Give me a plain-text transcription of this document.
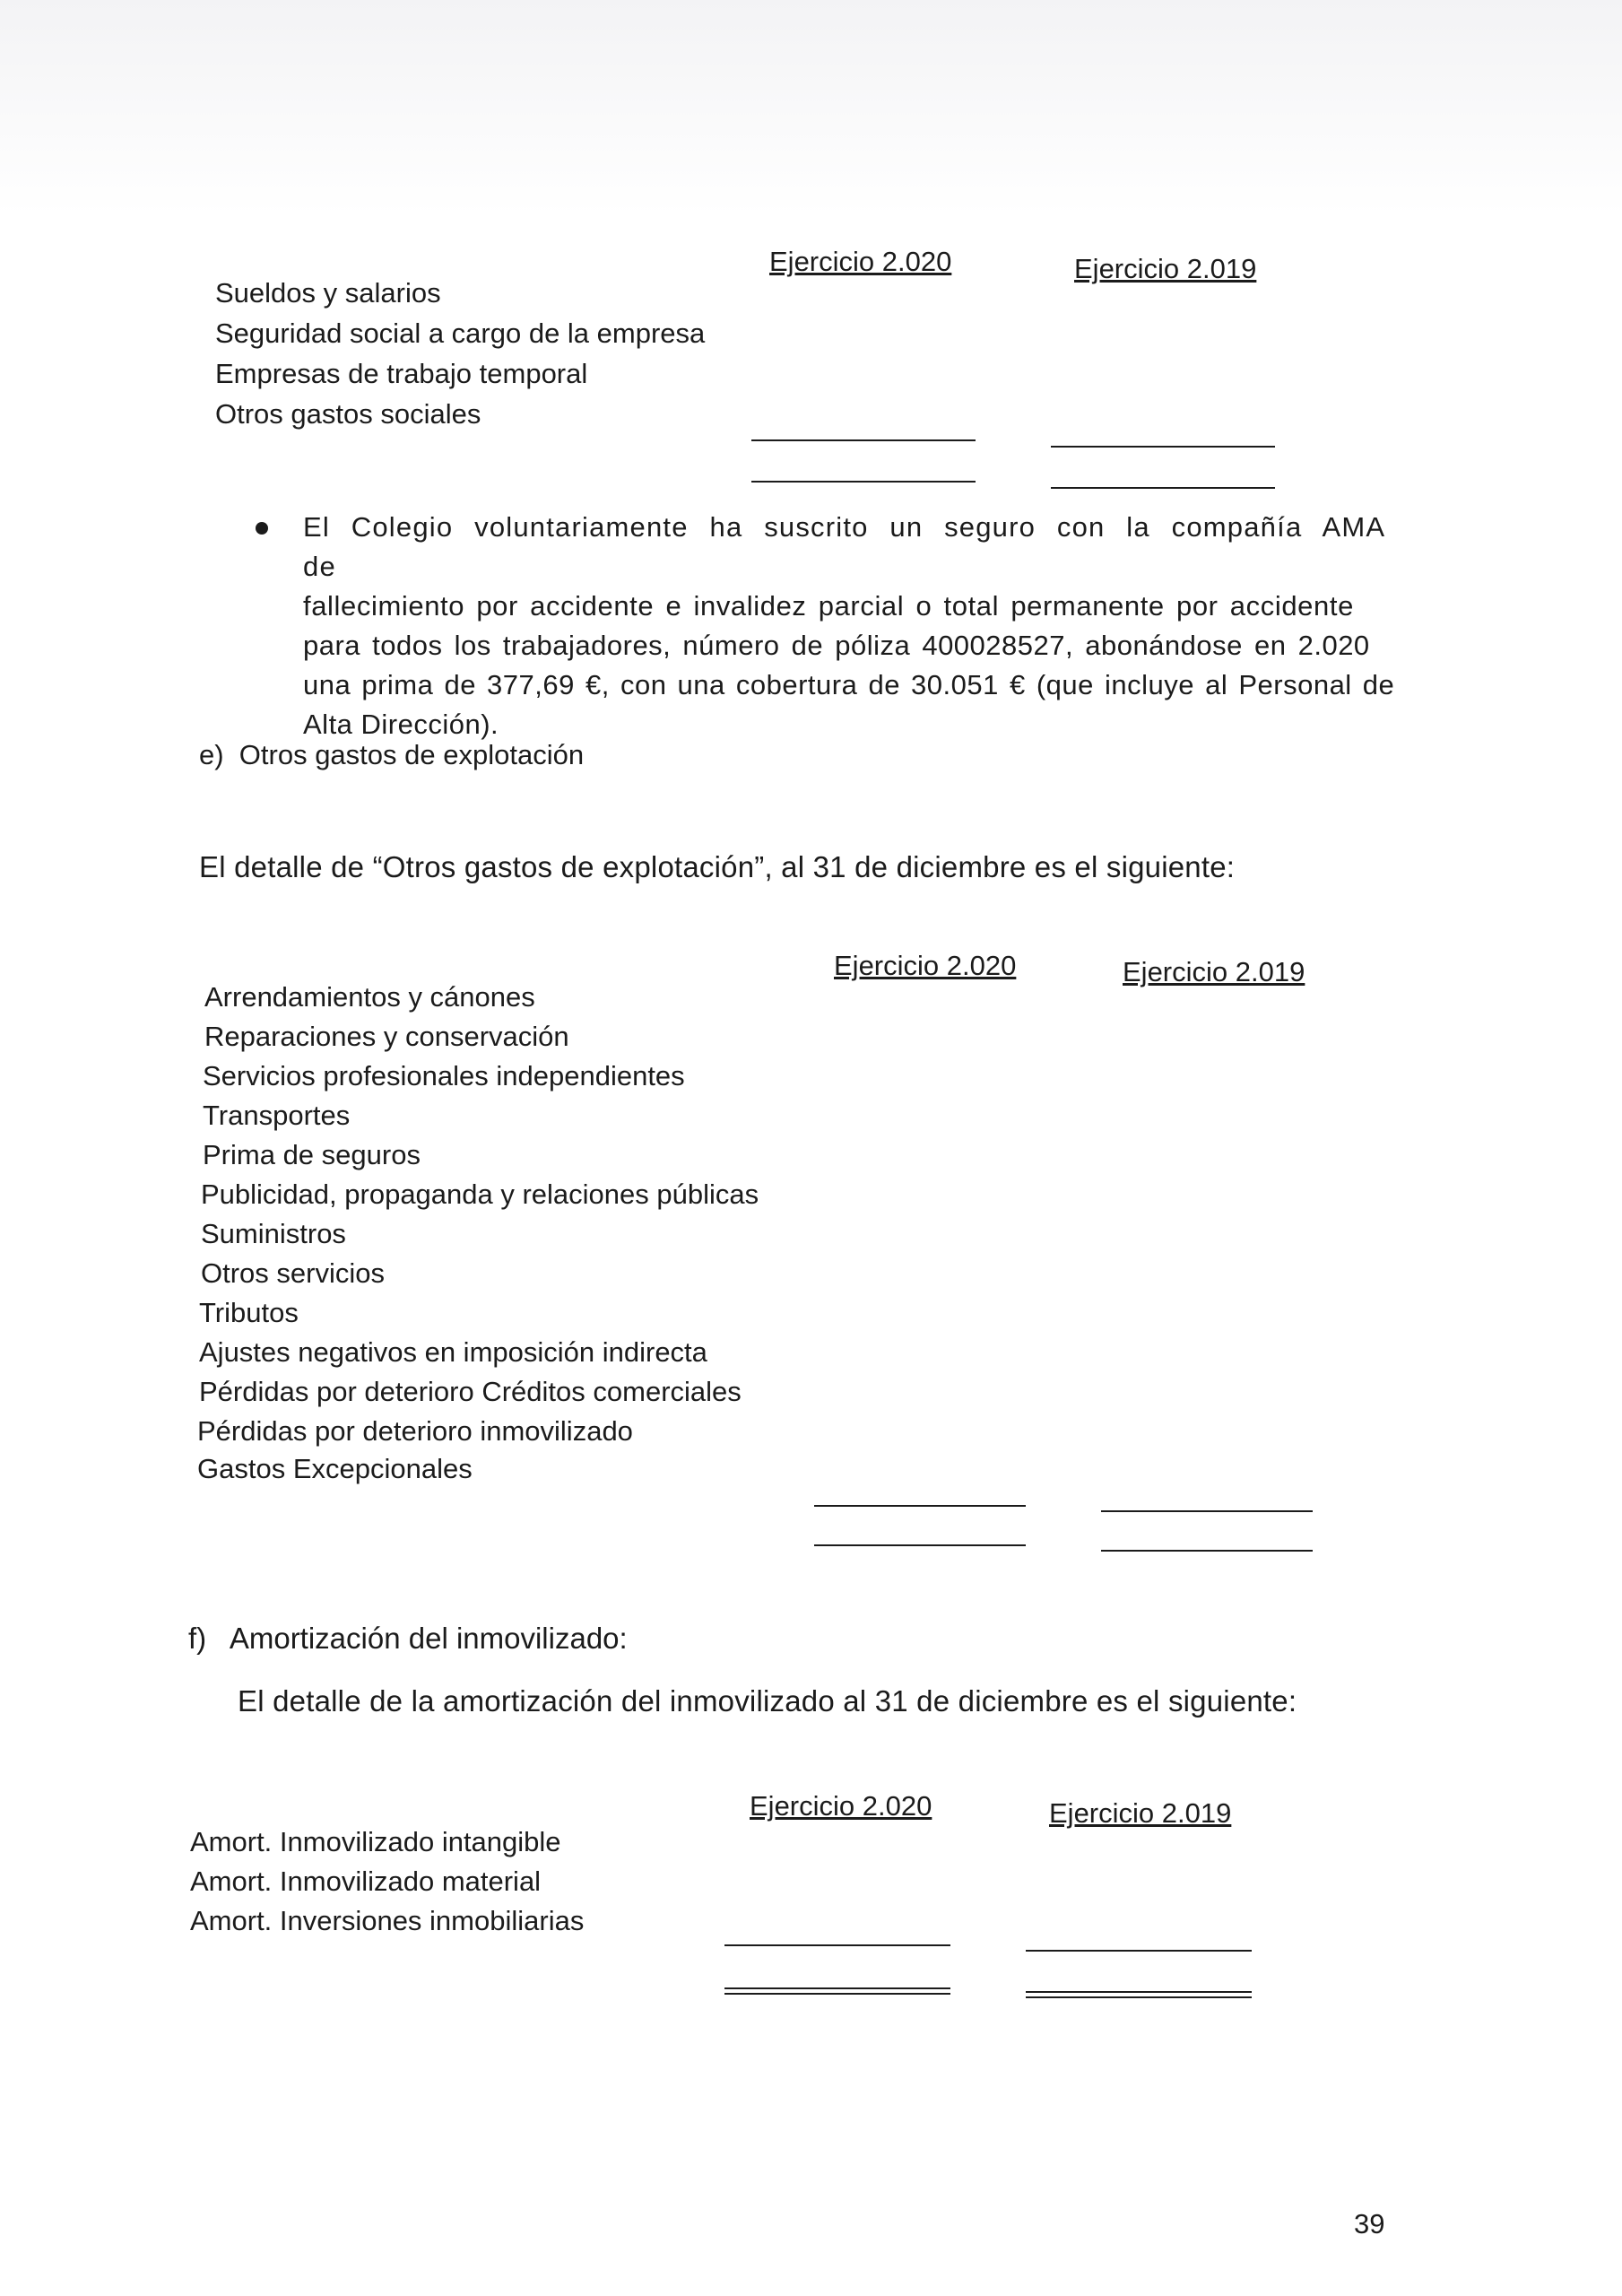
Ejercicio 2.020	Ejercicio 2.019
Sueldos y salarios
Seguridad social a cargo de la empresa
Empresas de trabajo temporal
Otros gastos sociales
El Colegio voluntariamente ha suscrito un seguro con la compañía AMA de
fallecimiento por accidente e invalidez parcial o total permanente por accidente
para todos los trabajadores, número de póliza 400028527, abonándose en 2.020
una prima de 377,69 €, con una cobertura de 30.051 € (que incluye al Personal de
Alta Dirección).
e)  Otros gastos de explotación
El detalle de “Otros gastos de explotación”, al 31 de diciembre es el siguiente:
Ejercicio 2.020	Ejercicio 2.019
Arrendamientos y cánones
Reparaciones y conservación
Servicios profesionales independientes
Transportes
Prima de seguros
Publicidad, propaganda y relaciones públicas
Suministros
Otros servicios
Tributos
Ajustes negativos en imposición indirecta
Pérdidas por deterioro Créditos comerciales
Pérdidas por deterioro inmovilizado
Gastos Excepcionales
f)   Amortización del inmovilizado:
El detalle de la amortización del inmovilizado al 31 de diciembre es el siguiente:
Ejercicio 2.020	Ejercicio 2.019
Amort. Inmovilizado intangible
Amort. Inmovilizado material
Amort. Inversiones inmobiliarias
39
